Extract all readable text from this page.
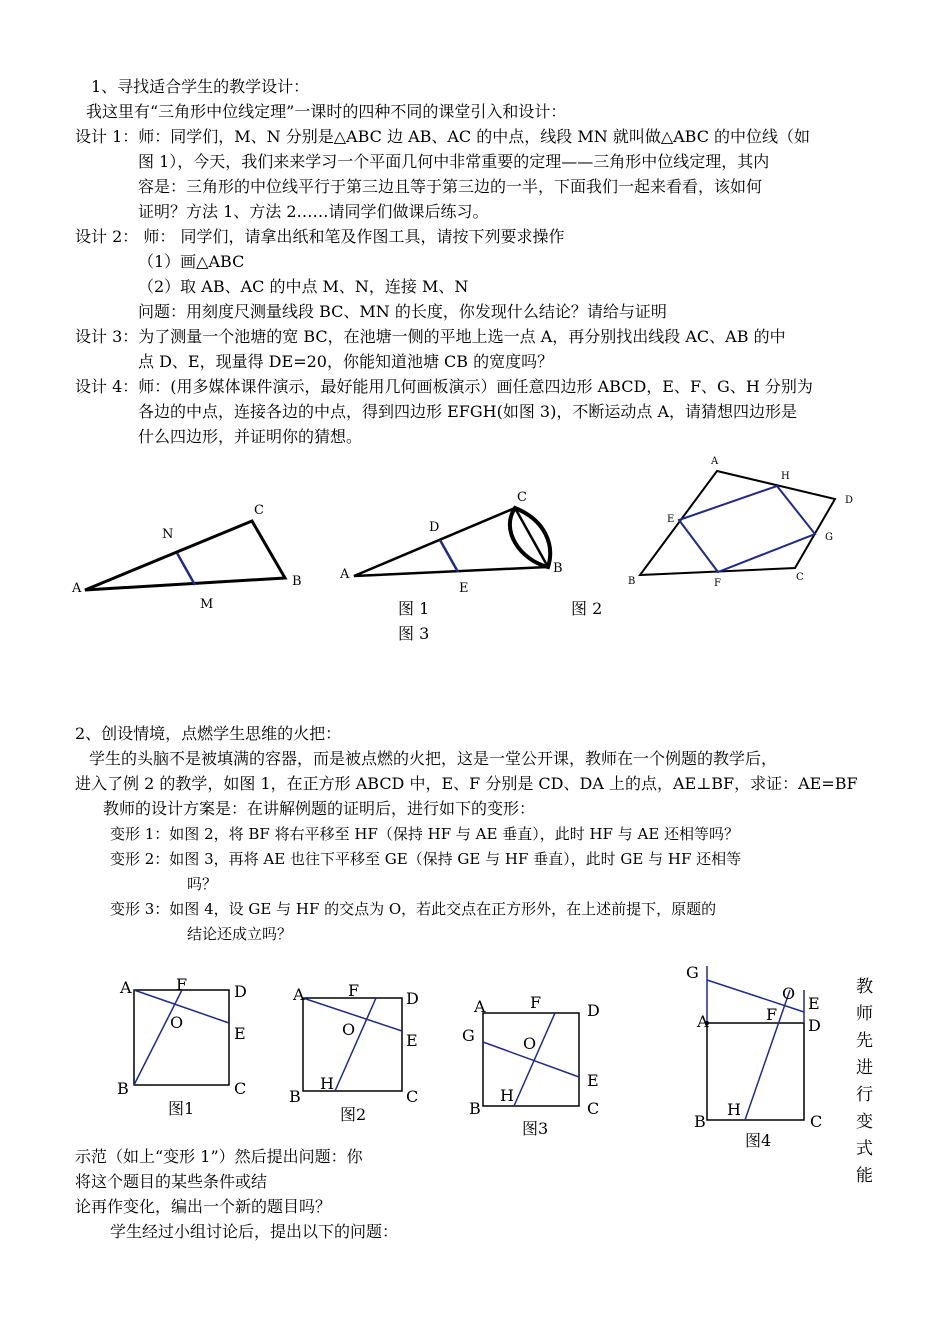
1、寻找适合学生的教学设计：
我这里有“三角形中位线定理”一课时的四种不同的课堂引入和设计：
设计 1：师：同学们，M、N 分别是△ABC 边 AB、AC 的中点，线段 MN 就叫做△ABC 的中位线（如
图 1），今天，我们来来学习一个平面几何中非常重要的定理——三角形中位线定理，其内
容是：三角形的中位线平行于第三边且等于第三边的一半，下面我们一起来看看，该如何
证明？方法 1、方法 2……请同学们做课后练习。
设计 2： 师： 同学们，请拿出纸和笔及作图工具，请按下列要求操作
（1）画△ABC
（2）取 AB、AC 的中点 M、N，连接 M、N
问题：用刻度尺测量线段 BC、MN 的长度，你发现什么结论？请给与证明
设计 3：为了测量一个池塘的宽 BC，在池塘一侧的平地上选一点 A，再分别找出线段 AC、AB 的中
点 D、E，现量得 DE=20，你能知道池塘 CB 的宽度吗？
设计 4：师：(用多媒体课件演示，最好能用几何画板演示）画任意四边形 ABCD，E、F、G、H 分别为
各边的中点，连接各边的中点，得到四边形 EFGH(如图 3)，不断运动点 A，请猜想四边形是
什么四边形，并证明你的猜想。
A	B
C
N
M
A	B
C
D
E
A
B	C
D
E
F
G
H
A	F	D
O
E
B	C
A	F	D
O
E
H
B	C
A	F	D
G	O
E
H
B	C
G
O
E
A	F
D
H
B	C
图 1	图 2
图 3
2、创设情境，点燃学生思维的火把：
学生的头脑不是被填满的容器，而是被点燃的火把，这是一堂公开课，教师在一个例题的教学后，
进入了例 2 的教学，如图 1，在正方形 ABCD 中，E、F 分别是 CD、DA 上的点，AE⊥BF，求证：AE=BF
教师的设计方案是：在讲解例题的证明后，进行如下的变形：
变形 1：如图 2，将 BF 将右平移至 HF（保持 HF 与 AE 垂直），此时 HF 与 AE 还相等吗？
变形 2：如图 3，再将 AE 也往下平移至 GE（保持 GE 与 HF 垂直），此时 GE 与 HF 还相等
吗？
变形 3：如图 4，设 GE 与 HF 的交点为 O，若此交点在正方形外，在上述前提下，原题的
结论还成立吗？
图1	图2
图3
图4
教
师
先
进
行
变
式
能
示范（如上“变形 1”）然后提出问题：你
将这个题目的某些条件或结
论再作变化，编出一个新的题目吗？
学生经过小组讨论后，提出以下的问题：
